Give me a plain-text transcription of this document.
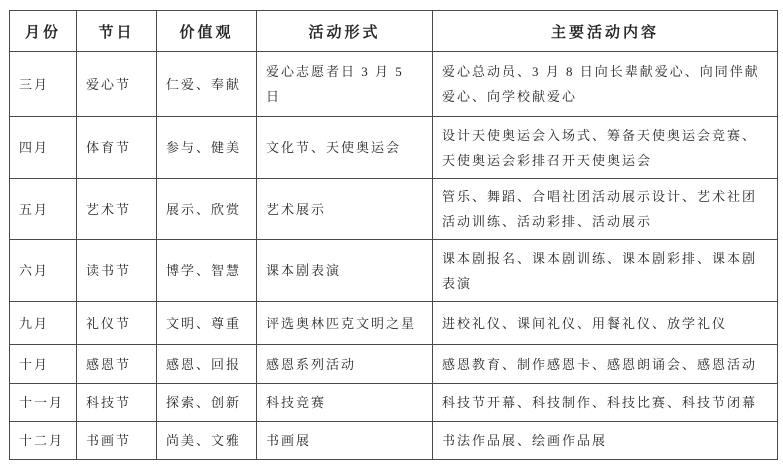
月份	节日	价值观	活动形式	主要活动内容
三月	爱心节	仁爱、奉献	爱心志愿者日 3 月 5 日	爱心总动员、3 月 8 日向长辈献爱心、向同伴献爱心、向学校献爱心
四月	体育节	参与、健美	文化节、天使奥运会	设计天使奥运会入场式、筹备天使奥运会竞赛、天使奥运会彩排召开天使奥运会
五月	艺术节	展示、欣赏	艺术展示	管乐、舞蹈、合唱社团活动展示设计、艺术社团活动训练、活动彩排、活动展示
六月	读书节	博学、智慧	课本剧表演	课本剧报名、课本剧训练、课本剧彩排、课本剧表演
九月	礼仪节	文明、尊重	评选奥林匹克文明之星	进校礼仪、课间礼仪、用餐礼仪、放学礼仪
十月	感恩节	感恩、回报	感恩系列活动	感恩教育、制作感恩卡、感恩朗诵会、感恩活动
十一月	科技节	探索、创新	科技竞赛	科技节开幕、科技制作、科技比赛、科技节闭幕
十二月	书画节	尚美、文雅	书画展	书法作品展、绘画作品展
